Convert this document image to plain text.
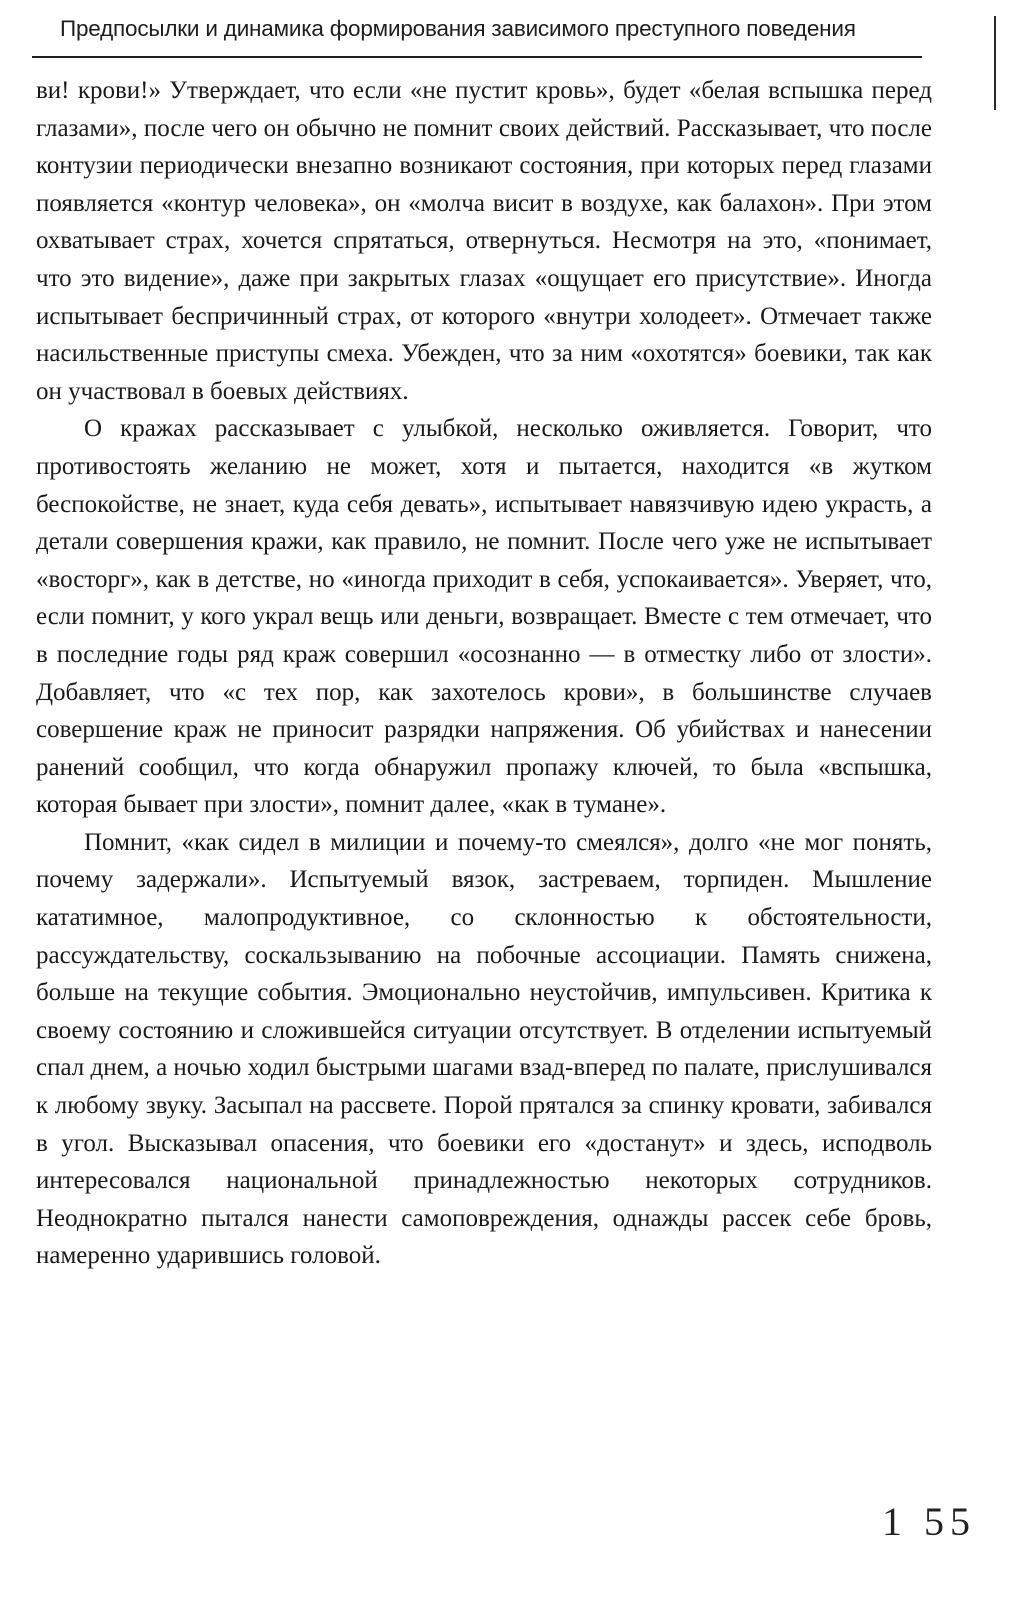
Предпосылки и динамика формирования зависимого преступного поведения

ви! крови!» Утверждает, что если «не пустит кровь», будет «белая вспышка перед глазами», после чего он обычно не помнит своих действий. Рассказывает, что после контузии периодически внезапно возникают состояния, при которых перед глазами появляется «контур человека», он «молча висит в воздухе, как балахон». При этом охватывает страх, хочется спрятаться, отвернуться. Несмотря на это, «понимает, что это видение», даже при закрытых глазах «ощущает его присутствие». Иногда испытывает беспричинный страх, от которого «внутри холодеет». Отмечает также насильственные приступы смеха. Убежден, что за ним «охотятся» боевики, так как он участвовал в боевых действиях.

О кражах рассказывает с улыбкой, несколько оживляется. Говорит, что противостоять желанию не может, хотя и пытается, находится «в жутком беспокойстве, не знает, куда себя девать», испытывает навязчивую идею украсть, а детали совершения кражи, как правило, не помнит. После чего уже не испытывает «восторг», как в детстве, но «иногда приходит в себя, успокаивается». Уверяет, что, если помнит, у кого украл вещь или деньги, возвращает. Вместе с тем отмечает, что в последние годы ряд краж совершил «осознанно — в отместку либо от злости». Добавляет, что «с тех пор, как захотелось крови», в большинстве случаев совершение краж не приносит разрядки напряжения. Об убийствах и нанесении ранений сообщил, что когда обнаружил пропажу ключей, то была «вспышка, которая бывает при злости», помнит далее, «как в тумане».

Помнит, «как сидел в милиции и почему-то смеялся», долго «не мог понять, почему задержали». Испытуемый вязок, застреваем, торпиден. Мышление кататимное, малопродуктивное, со склонностью к обстоятельности, рассуждательству, соскальзыванию на побочные ассоциации. Память снижена, больше на текущие события. Эмоционально неустойчив, импульсивен. Критика к своему состоянию и сложившейся ситуации отсутствует. В отделении испытуемый спал днем, а ночью ходил быстрыми шагами взад-вперед по палате, прислушивался к любому звуку. Засыпал на рассвете. Порой прятался за спинку кровати, забивался в угол. Высказывал опасения, что боевики его «достанут» и здесь, исподволь интересовался национальной принадлежностью некоторых сотрудников. Неоднократно пытался нанести самоповреждения, однажды рассек себе бровь, намеренно ударившись головой.

1 55
